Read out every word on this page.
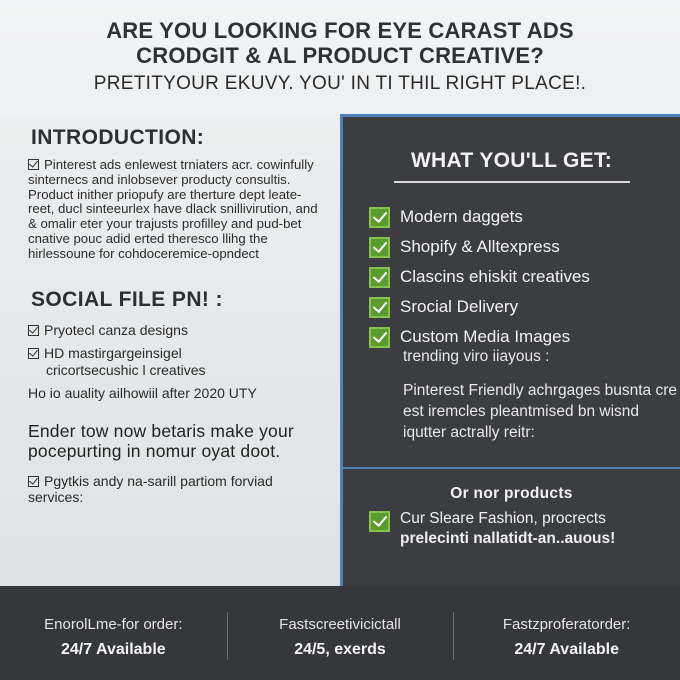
ARE YOU LOOKING FOR EYE CARAST ADS
CRODGIT & AL PRODUCT CREATIVE?
PRETITYOUR EKUVY. YOU' IN TI THIL RIGHT PLACE!.
INTRODUCTION:
Pinterest ads enlewest trniaters acr. cowinfully sinternecs and inlobsever producty consultis. Product inither priopufy are therture dept leate-reet, ducl sinteeurlex have dlack snillivirution, and & omalir eter your trajusts profilley and pud-bet cnative pouc adid erted theresco llihg the hirlessoune for cohdoceremice-opndect
SOCIAL FILE PN! :
Pryotecl canza designs
HD mastirgargeinsigel
cricortsecushic l creatives
Ho io auality ailhowiil after 2020 UTY
Ender tow now betaris make your pocepurting in nomur oyat doot.
Pgytkis andy na-sarill partiom forviad services:
WHAT YOU'LL GET:
Modern daggets
Shopify & Alltexpress
Clascins ehiskit creatives
Srocial Delivery
Custom Media Images
trending viro iiayous :
Pinterest Friendly achrgages busnta cre est iremcles pleantmised bn wisnd iqutter actrally reitr:
Or nor products
Cur Sleare Fashion, procrects
prelecinti nallatidt-an..auous!
EnorolLme-for order:
24/7 Available
Fastscreetivicictall
24/5, exerds
Fastzproferatorder:
24/7 Available
